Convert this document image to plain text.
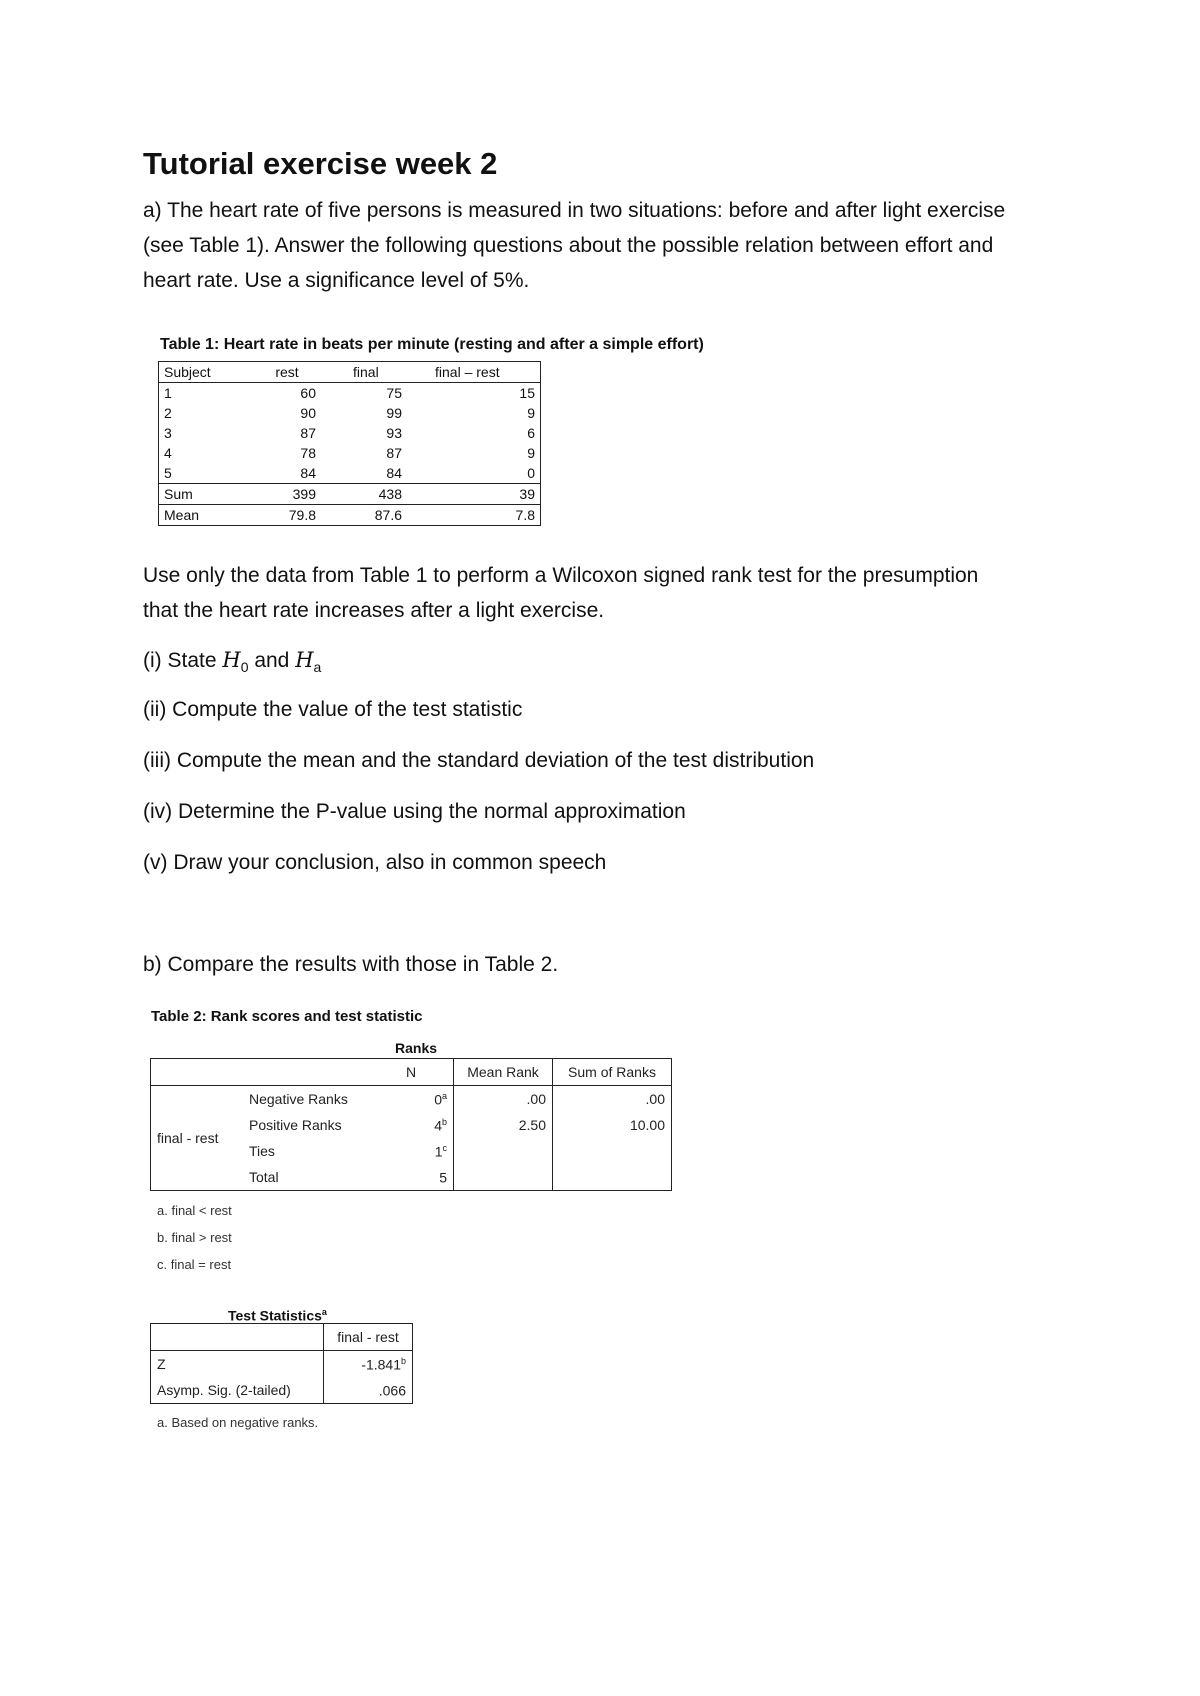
Tutorial exercise week 2
a) The heart rate of five persons is measured in two situations: before and after light exercise
(see Table 1). Answer the following questions about the possible relation between effort and
heart rate. Use a significance level of 5%.
Table 1: Heart rate in beats per minute (resting and after a simple effort)
Subject	rest	final	final – rest
1	60	75	15
2	90	99	9
3	87	93	6
4	78	87	9
5	84	84	0
Sum	399	438	39
Mean	79.8	87.6	7.8
Use only the data from Table 1 to perform a Wilcoxon signed rank test for the presumption
that the heart rate increases after a light exercise.
(i) State $H_0$ and $H_a$
(ii) Compute the value of the test statistic
(iii) Compute the mean and the standard deviation of the test distribution
(iv) Determine the P-value using the normal approximation
(v) Draw your conclusion, also in common speech
b) Compare the results with those in Table 2.
Table 2: Rank scores and test statistic
Ranks
		N	Mean Rank	Sum of Ranks
final - rest	Negative Ranks	0$^a$	.00	.00
	Positive Ranks	4$^b$	2.50	10.00
	Ties	1$^c$		
	Total	5		
a. final < rest
b. final > rest
c. final = rest
Test Statistics$^a$
	final - rest
Z	-1.841$^b$
Asymp. Sig. (2-tailed)	.066
a. Based on negative ranks.
